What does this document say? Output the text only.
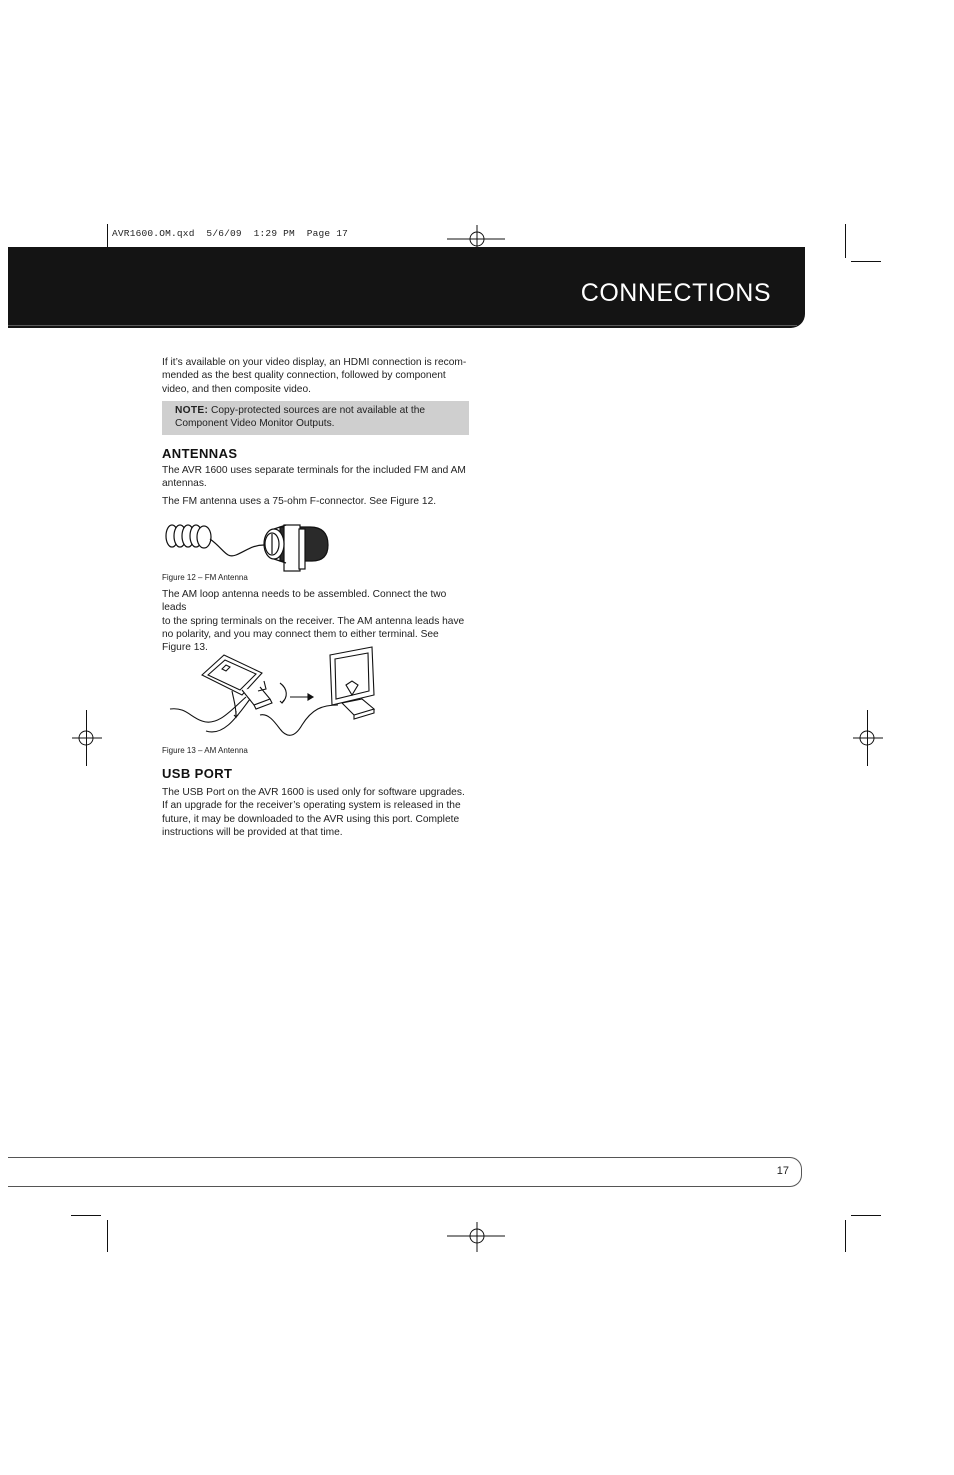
AVR1600.OM.qxd  5/6/09  1:29 PM  Page 17
CONNECTIONS
If it’s available on your video display, an HDMI connection is recom-
mended as the best quality connection, followed by component
video, and then composite video.
NOTE: Copy-protected sources are not available at the
Component Video Monitor Outputs.
ANTENNAS
The AVR 1600 uses separate terminals for the included FM and AM
antennas.
The FM antenna uses a 75-ohm F-connector. See Figure 12.
Figure 12 – FM Antenna
The AM loop antenna needs to be assembled. Connect the two leads
to the spring terminals on the receiver. The AM antenna leads have
no polarity, and you may connect them to either terminal. See
Figure 13.
Figure 13 – AM Antenna
USB PORT
The USB Port on the AVR 1600 is used only for software upgrades.
If an upgrade for the receiver’s operating system is released in the
future, it may be downloaded to the AVR using this port. Complete
instructions will be provided at that time.
17
